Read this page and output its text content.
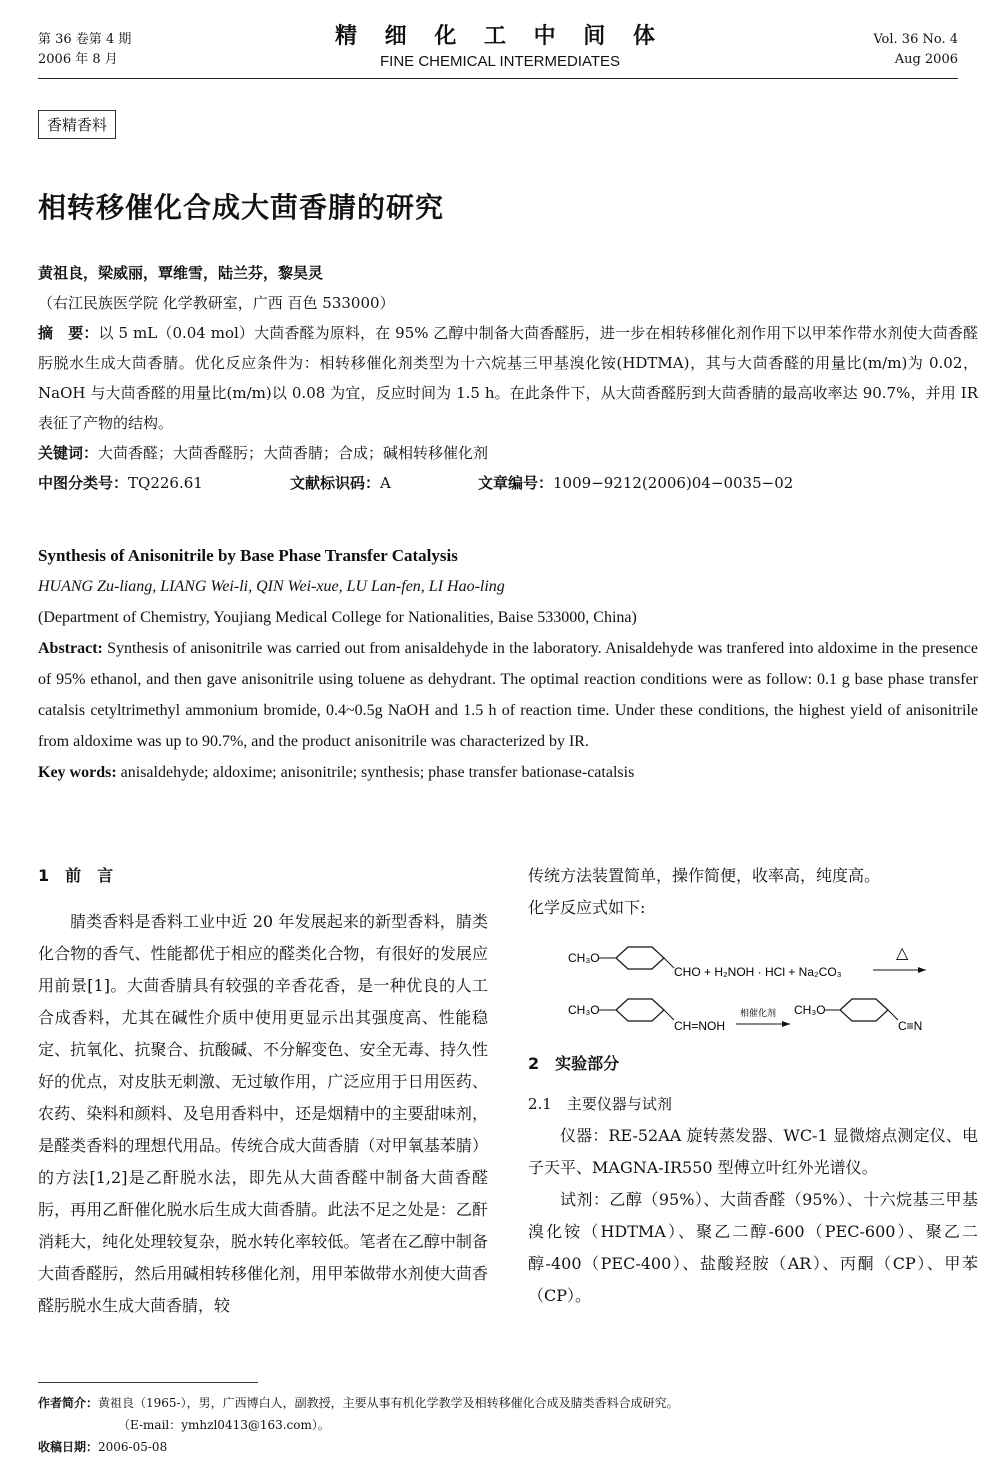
第 36 卷第 4 期
2006 年 8 月
精 细 化 工 中 间 体
FINE CHEMICAL INTERMEDIATES
Vol. 36 No. 4
Aug 2006
香精香料
相转移催化合成大茴香腈的研究
黄祖良，梁威丽，覃维雪，陆兰芬，黎昊灵
（右江民族医学院 化学教研室，广西 百色 533000）
摘　要：以 5 mL（0.04 mol）大茴香醛为原料，在 95% 乙醇中制备大茴香醛肟，进一步在相转移催化剂作用下以甲苯作带水剂使大茴香醛肟脱水生成大茴香腈。优化反应条件为：相转移催化剂类型为十六烷基三甲基溴化铵(HDTMA)，其与大茴香醛的用量比(m/m)为 0.02，NaOH 与大茴香醛的用量比(m/m)以 0.08 为宜，反应时间为 1.5 h。在此条件下，从大茴香醛肟到大茴香腈的最高收率达 90.7%，并用 IR 表征了产物的结构。
关键词：大茴香醛；大茴香醛肟；大茴香腈；合成；碱相转移催化剂
中图分类号：TQ226.61	文献标识码：A	文章编号：1009−9212(2006)04−0035−02
Synthesis of Anisonitrile by Base Phase Transfer Catalysis
HUANG Zu-liang, LIANG Wei-li, QIN Wei-xue, LU Lan-fen, LI Hao-ling
(Department of Chemistry, Youjiang Medical College for Nationalities, Baise 533000, China)
Abstract: Synthesis of anisonitrile was carried out from anisaldehyde in the laboratory. Anisaldehyde was tranfered into aldoxime in the presence of 95% ethanol, and then gave anisonitrile using toluene as dehydrant. The optimal reaction conditions were as follow: 0.1 g base phase transfer catalsis cetyltrimethyl ammonium bromide, 0.4~0.5g NaOH and 1.5 h of reaction time. Under these conditions, the highest yield of anisonitrile from aldoxime was up to 90.7%, and the product anisonitrile was characterized by IR.
Key words: anisaldehyde; aldoxime; anisonitrile; synthesis; phase transfer bationase-catalsis
1　前　言

腈类香料是香料工业中近 20 年发展起来的新型香料，腈类化合物的香气、性能都优于相应的醛类化合物，有很好的发展应用前景[1]。大茴香腈具有较强的辛香花香，是一种优良的人工合成香料，尤其在碱性介质中使用更显示出其强度高、性能稳定、抗氧化、抗聚合、抗酸碱、不分解变色、安全无毒、持久性好的优点，对皮肤无刺激、无过敏作用，广泛应用于日用医药、农药、染料和颜料、及皂用香料中，还是烟精中的主要甜味剂，是醛类香料的理想代用品。传统合成大茴香腈（对甲氧基苯腈）的方法[1,2]是乙酐脱水法，即先从大茴香醛中制备大茴香醛肟，再用乙酐催化脱水后生成大茴香腈。此法不足之处是：乙酐消耗大，纯化处理较复杂，脱水转化率较低。笔者在乙醇中制备大茴香醛肟，然后用碱相转移催化剂，用甲苯做带水剂使大茴香醛肟脱水生成大茴香腈，较

传统方法装置简单，操作简便，收率高，纯度高。
化学反应式如下:
CH₃O
CHO + H₂NOH · HCl + Na₂CO₃
△
CH₃O
CH=NOH
相催化剂 CH₃O
C≡N
2　实验部分
2.1　主要仪器与试剂

仪器：RE-52AA 旋转蒸发器、WC-1 显微熔点测定仪、电子天平、MAGNA-IR550 型傅立叶红外光谱仪。

试剂：乙醇（95%）、大茴香醛（95%）、十六烷基三甲基溴化铵（HDTMA）、聚乙二醇-600（PEC-600）、聚乙二醇-400（PEC-400）、盐酸羟胺（AR）、丙酮（CP）、甲苯（CP）。

作者简介：黄祖良（1965-），男，广西博白人，副教授，主要从事有机化学教学及相转移催化合成及腈类香料合成研究。
（E-mail：ymhzl0413@163.com）。
收稿日期：2006-05-08
